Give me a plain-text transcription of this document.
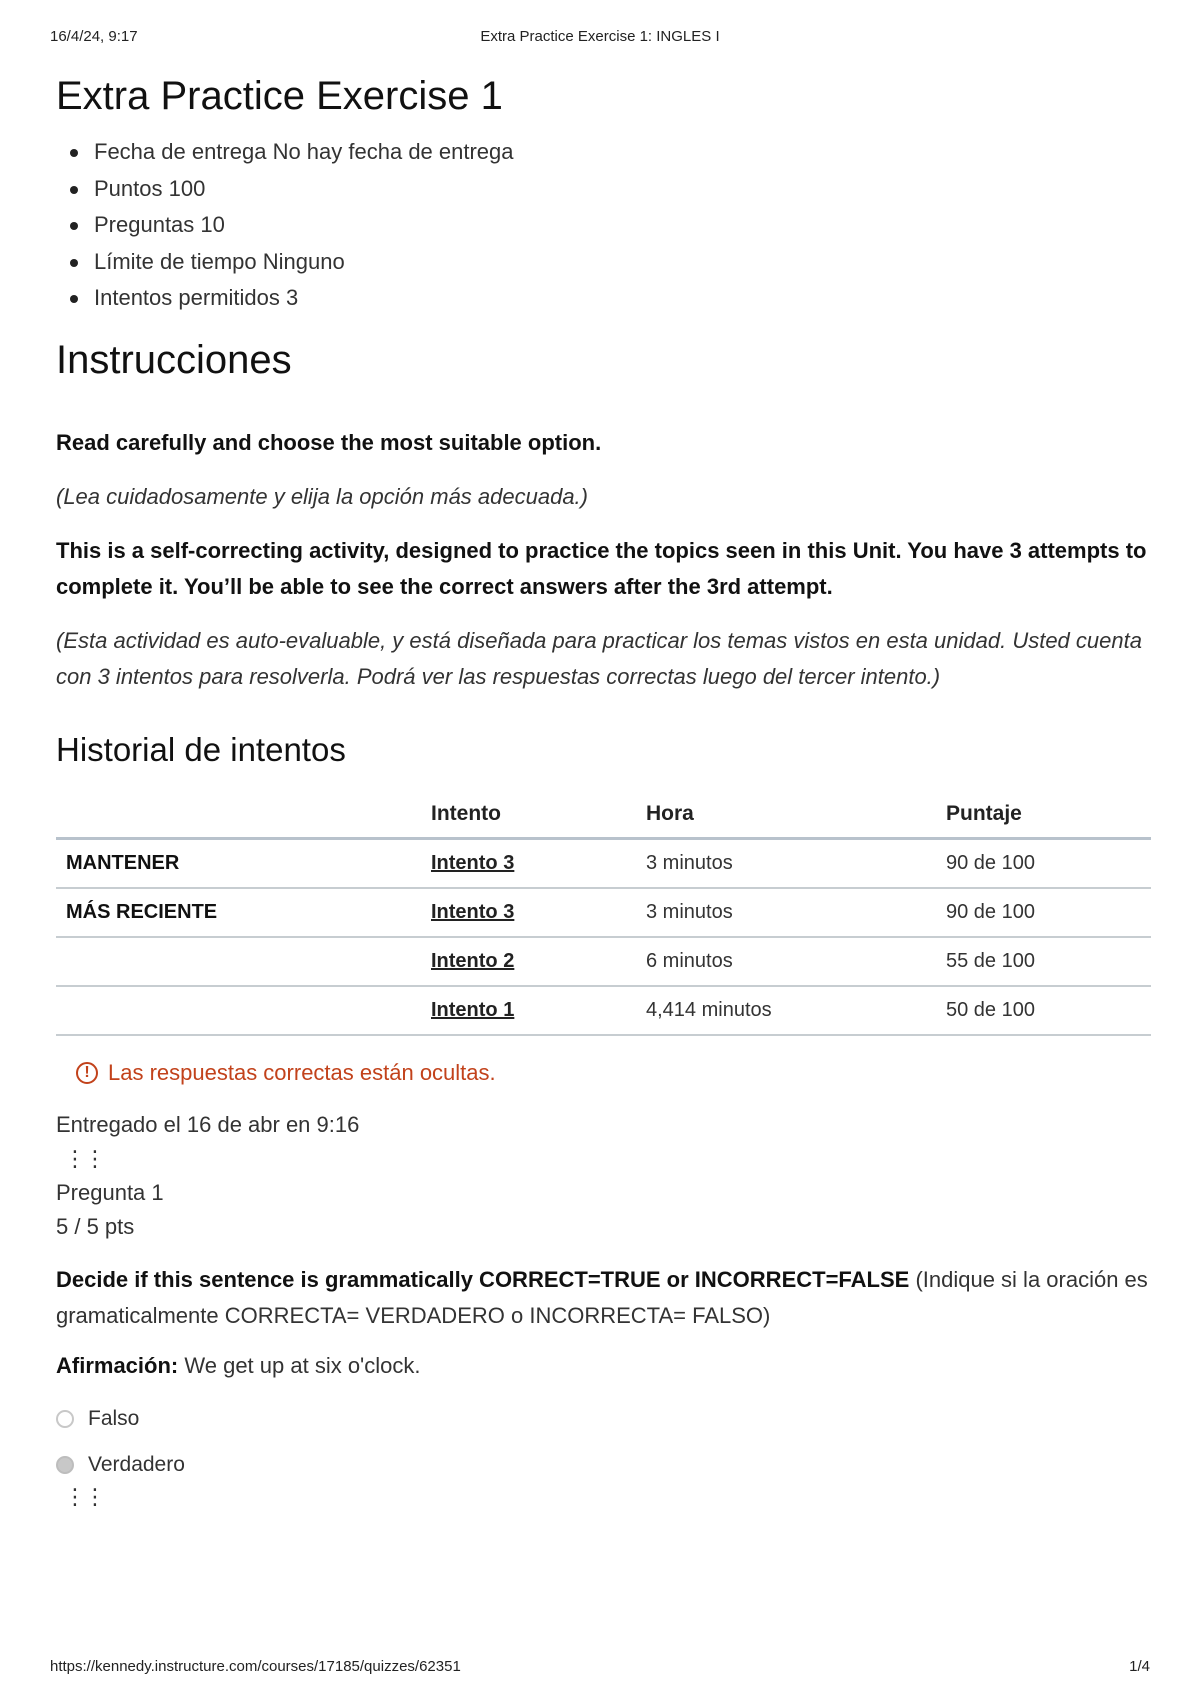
16/4/24, 9:17	Extra Practice Exercise 1: INGLES I
Extra Practice Exercise 1
Fecha de entrega No hay fecha de entrega
Puntos 100
Preguntas 10
Límite de tiempo Ninguno
Intentos permitidos 3
Instrucciones

Read carefully and choose the most suitable option.

(Lea cuidadosamente y elija la opción más adecuada.)

This is a self-correcting activity, designed to practice the topics seen in this Unit. You have 3 attempts to complete it. You’ll be able to see the correct answers after the 3rd attempt.

(Esta actividad es auto-evaluable, y está diseñada para practicar los temas vistos en esta unidad. Usted cuenta con 3 intentos para resolverla. Podrá ver las respuestas correctas luego del tercer intento.)

Historial de intentos
	Intento	Hora	Puntaje
MANTENER	Intento 3	3 minutos	90 de 100
MÁS RECIENTE	Intento 3	3 minutos	90 de 100
	Intento 2	6 minutos	55 de 100
	Intento 1	4,414 minutos	50 de 100
! Las respuestas correctas están ocultas.
Entregado el 16 de abr en 9:16
⋮⋮
Pregunta 1
5 / 5 pts

Decide if this sentence is grammatically CORRECT=TRUE or INCORRECT=FALSE (Indique si la oración es gramaticalmente CORRECTA= VERDADERO o INCORRECTA= FALSO)

Afirmación: We get up at six o'clock.

Falso
Verdadero
⋮⋮
https://kennedy.instructure.com/courses/17185/quizzes/62351	1/4
